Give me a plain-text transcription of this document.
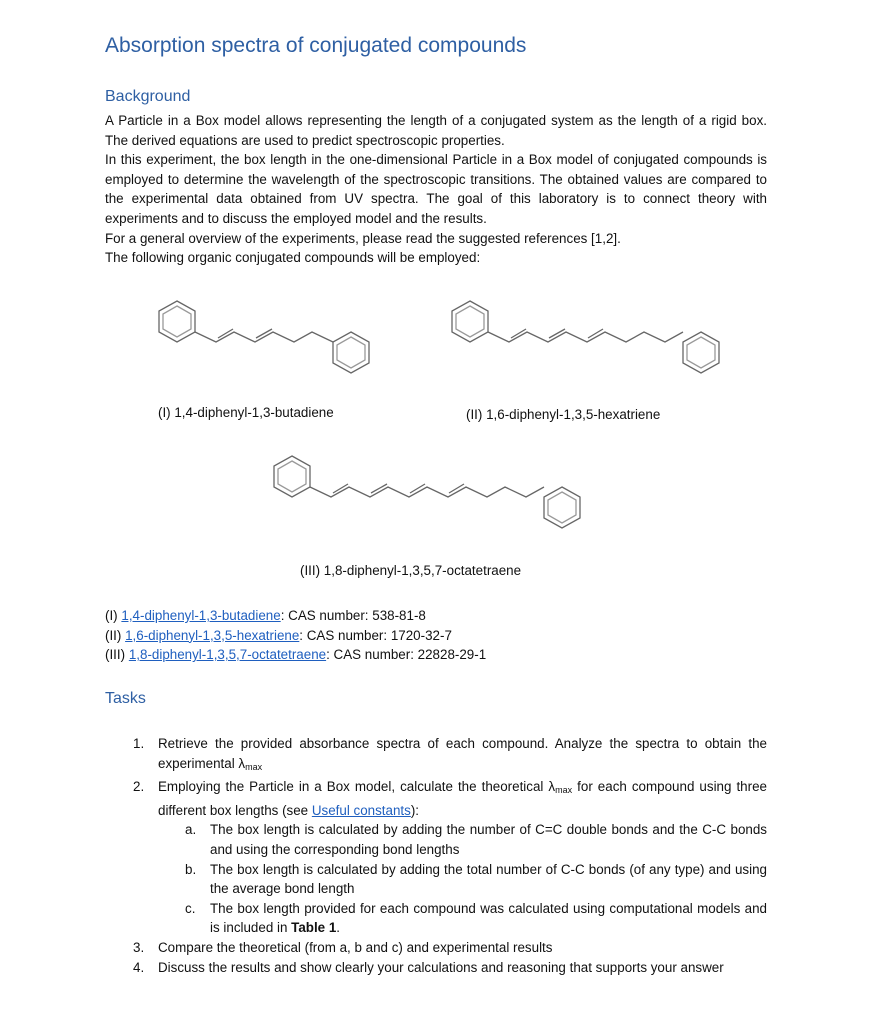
Absorption spectra of conjugated compounds
Background

A Particle in a Box model allows representing the length of a conjugated system as the length of a rigid box. The derived equations are used to predict spectroscopic properties.

In this experiment, the box length in the one-dimensional Particle in a Box model of conjugated compounds is employed to determine the wavelength of the spectroscopic transitions. The obtained values are compared to the experimental data obtained from UV spectra. The goal of this laboratory is to connect theory with experiments and to discuss the employed model and the results.

For a general overview of the experiments, please read the suggested references [1,2].

The following organic conjugated compounds will be employed:

(I) 1,4-diphenyl-1,3-butadiene	(II) 1,6-diphenyl-1,3,5-hexatriene
(III) 1,8-diphenyl-1,3,5,7-octatetraene
(I) 1,4-diphenyl-1,3-butadiene: CAS number: 538-81-8
(II) 1,6-diphenyl-1,3,5-hexatriene: CAS number: 1720-32-7
(III) 1,8-diphenyl-1,3,5,7-octatetraene: CAS number: 22828-29-1
Tasks
1. Retrieve the provided absorbance spectra of each compound. Analyze the spectra to obtain the experimental $\lambda_{max}$
2. Employing the Particle in a Box model, calculate the theoretical $\lambda_{max}$ for each compound using three different box lengths (see Useful constants):
a. The box length is calculated by adding the number of C=C double bonds and the C-C bonds and using the corresponding bond lengths
b. The box length is calculated by adding the total number of C-C bonds (of any type) and using the average bond length
c. The box length provided for each compound was calculated using computational models and is included in Table 1.
3. Compare the theoretical (from a, b and c) and experimental results
4. Discuss the results and show clearly your calculations and reasoning that supports your answer
